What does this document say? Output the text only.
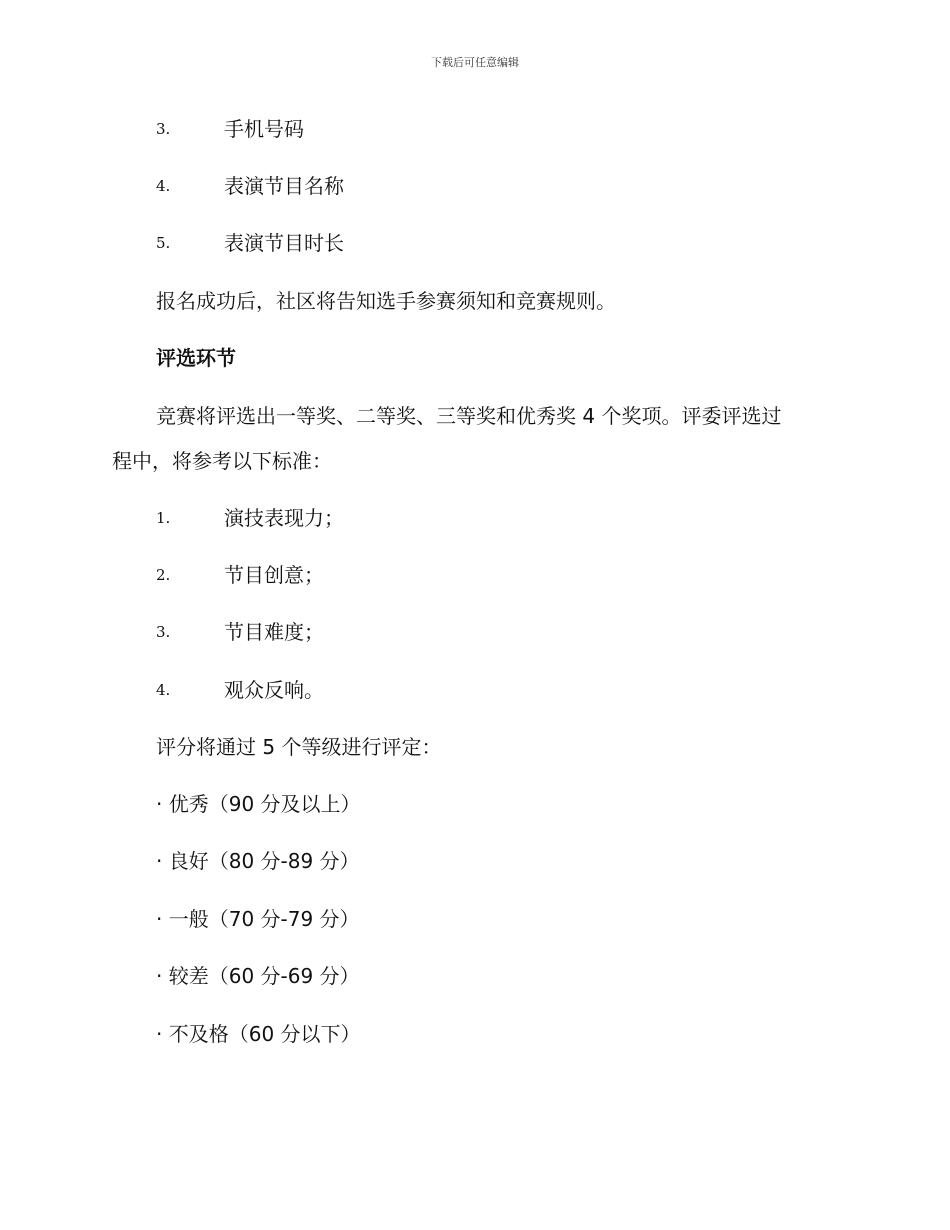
下载后可任意编辑
3.	手机号码
4.	表演节目名称
5.	表演节目时长
报名成功后，社区将告知选手参赛须知和竞赛规则。
评选环节
竞赛将评选出一等奖、二等奖、三等奖和优秀奖 4 个奖项。评委评选过
程中，将参考以下标准：
1.	演技表现力；
2.	节目创意；
3.	节目难度；
4.	观众反响。
评分将通过 5 个等级进行评定：
· 优秀（90 分及以上）
· 良好（80 分-89 分）
· 一般（70 分-79 分）
· 较差（60 分-69 分）
· 不及格（60 分以下）
